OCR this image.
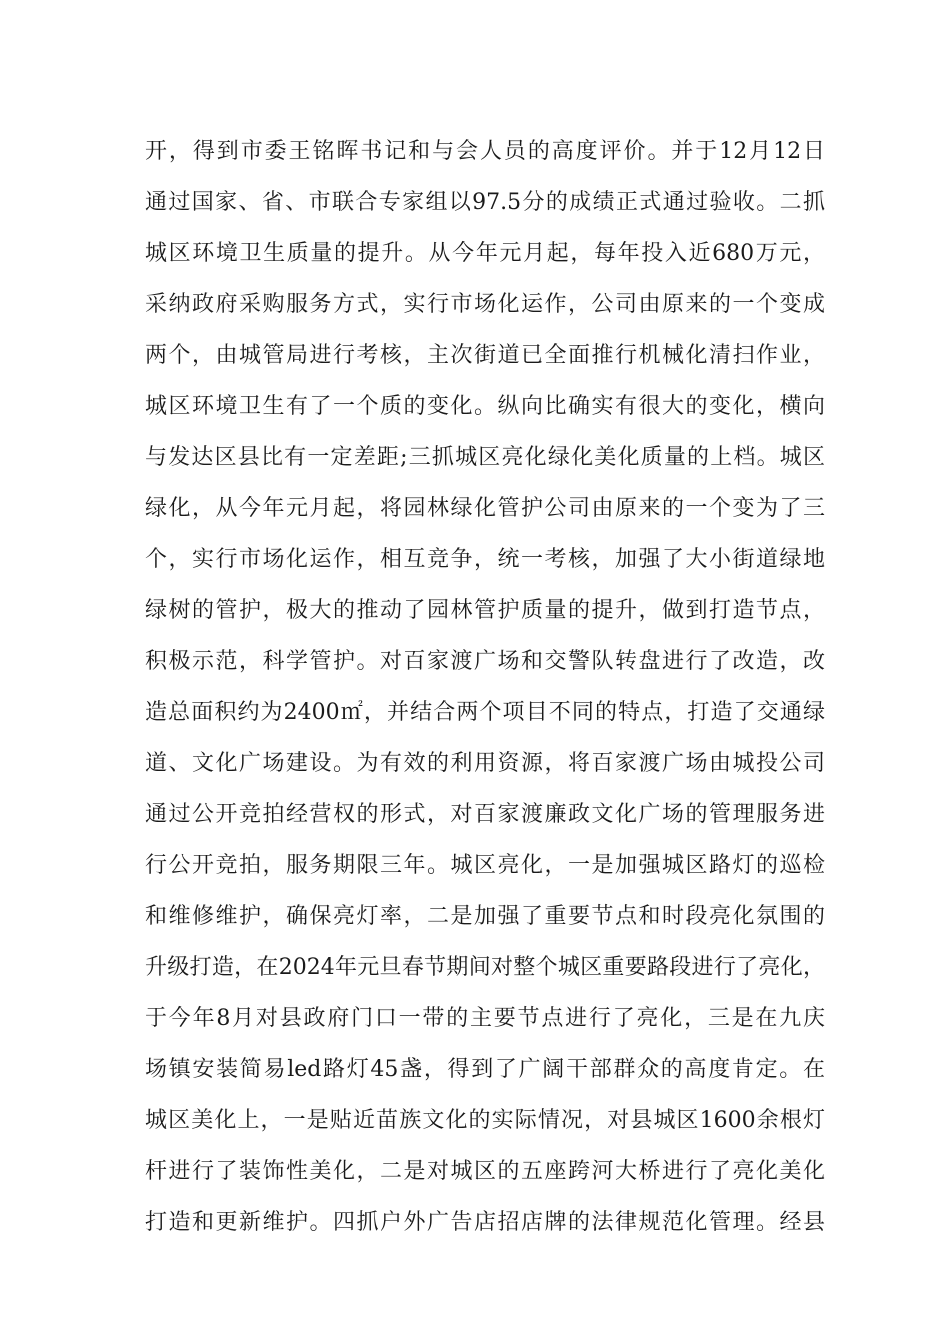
开，得到市委王铭晖书记和与会人员的高度评价。并于12月12日
通过国家、省、市联合专家组以97.5分的成绩正式通过验收。二抓
城区环境卫生质量的提升。从今年元月起，每年投入近680万元，
采纳政府采购服务方式，实行市场化运作，公司由原来的一个变成
两个，由城管局进行考核，主次街道已全面推行机械化清扫作业，
城区环境卫生有了一个质的变化。纵向比确实有很大的变化，横向
与发达区县比有一定差距;三抓城区亮化绿化美化质量的上档。城区
绿化，从今年元月起，将园林绿化管护公司由原来的一个变为了三
个，实行市场化运作，相互竞争，统一考核，加强了大小街道绿地
绿树的管护，极大的推动了园林管护质量的提升，做到打造节点，
积极示范，科学管护。对百家渡广场和交警队转盘进行了改造，改
造总面积约为2400㎡，并结合两个项目不同的特点，打造了交通绿
道、文化广场建设。为有效的利用资源，将百家渡广场由城投公司
通过公开竞拍经营权的形式，对百家渡廉政文化广场的管理服务进
行公开竞拍，服务期限三年。城区亮化，一是加强城区路灯的巡检
和维修维护，确保亮灯率，二是加强了重要节点和时段亮化氛围的
升级打造，在2024年元旦春节期间对整个城区重要路段进行了亮化，
于今年8月对县政府门口一带的主要节点进行了亮化，三是在九庆
场镇安装简易led路灯45盏，得到了广阔干部群众的高度肯定。在
城区美化上，一是贴近苗族文化的实际情况，对县城区1600余根灯
杆进行了装饰性美化，二是对城区的五座跨河大桥进行了亮化美化
打造和更新维护。四抓户外广告店招店牌的法律规范化管理。经县
